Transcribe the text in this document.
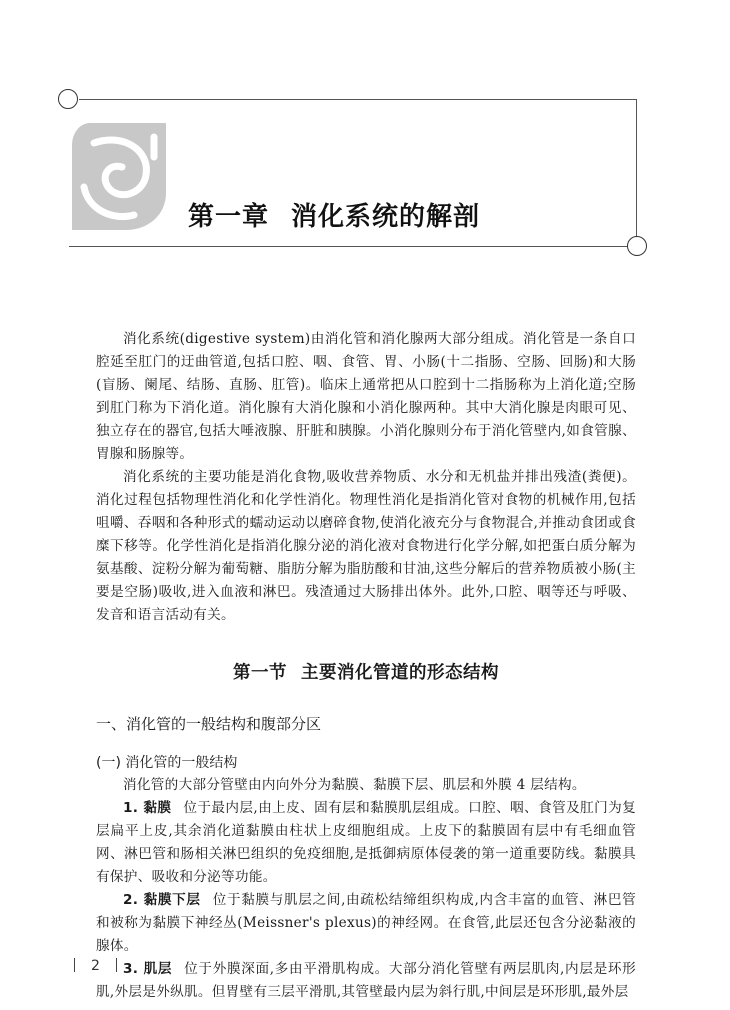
第一章 消化系统的解剖

消化系统(digestive system)由消化管和消化腺两大部分组成。消化管是一条自口腔延至肛门的迂曲管道,包括口腔、咽、食管、胃、小肠(十二指肠、空肠、回肠)和大肠(盲肠、阑尾、结肠、直肠、肛管)。临床上通常把从口腔到十二指肠称为上消化道;空肠到肛门称为下消化道。消化腺有大消化腺和小消化腺两种。其中大消化腺是肉眼可见、独立存在的器官,包括大唾液腺、肝脏和胰腺。小消化腺则分布于消化管壁内,如食管腺、胃腺和肠腺等。

消化系统的主要功能是消化食物,吸收营养物质、水分和无机盐并排出残渣(粪便)。消化过程包括物理性消化和化学性消化。物理性消化是指消化管对食物的机械作用,包括咀嚼、吞咽和各种形式的蠕动运动以磨碎食物,使消化液充分与食物混合,并推动食团或食糜下移等。化学性消化是指消化腺分泌的消化液对食物进行化学分解,如把蛋白质分解为氨基酸、淀粉分解为葡萄糖、脂肪分解为脂肪酸和甘油,这些分解后的营养物质被小肠(主要是空肠)吸收,进入血液和淋巴。残渣通过大肠排出体外。此外,口腔、咽等还与呼吸、发音和语言活动有关。

第一节 主要消化管道的形态结构
一、消化管的一般结构和腹部分区
(一) 消化管的一般结构

消化管的大部分管壁由内向外分为黏膜、黏膜下层、肌层和外膜 4 层结构。

1. 黏膜 位于最内层,由上皮、固有层和黏膜肌层组成。口腔、咽、食管及肛门为复层扁平上皮,其余消化道黏膜由柱状上皮细胞组成。上皮下的黏膜固有层中有毛细血管网、淋巴管和肠相关淋巴组织的免疫细胞,是抵御病原体侵袭的第一道重要防线。黏膜具有保护、吸收和分泌等功能。

2. 黏膜下层 位于黏膜与肌层之间,由疏松结缔组织构成,内含丰富的血管、淋巴管和被称为黏膜下神经丛(Meissner's plexus)的神经网。在食管,此层还包含分泌黏液的腺体。

3. 肌层 位于外膜深面,多由平滑肌构成。大部分消化管壁有两层肌肉,内层是环形肌,外层是外纵肌。但胃壁有三层平滑肌,其管壁最内层为斜行肌,中间层是环形肌,最外层

2
